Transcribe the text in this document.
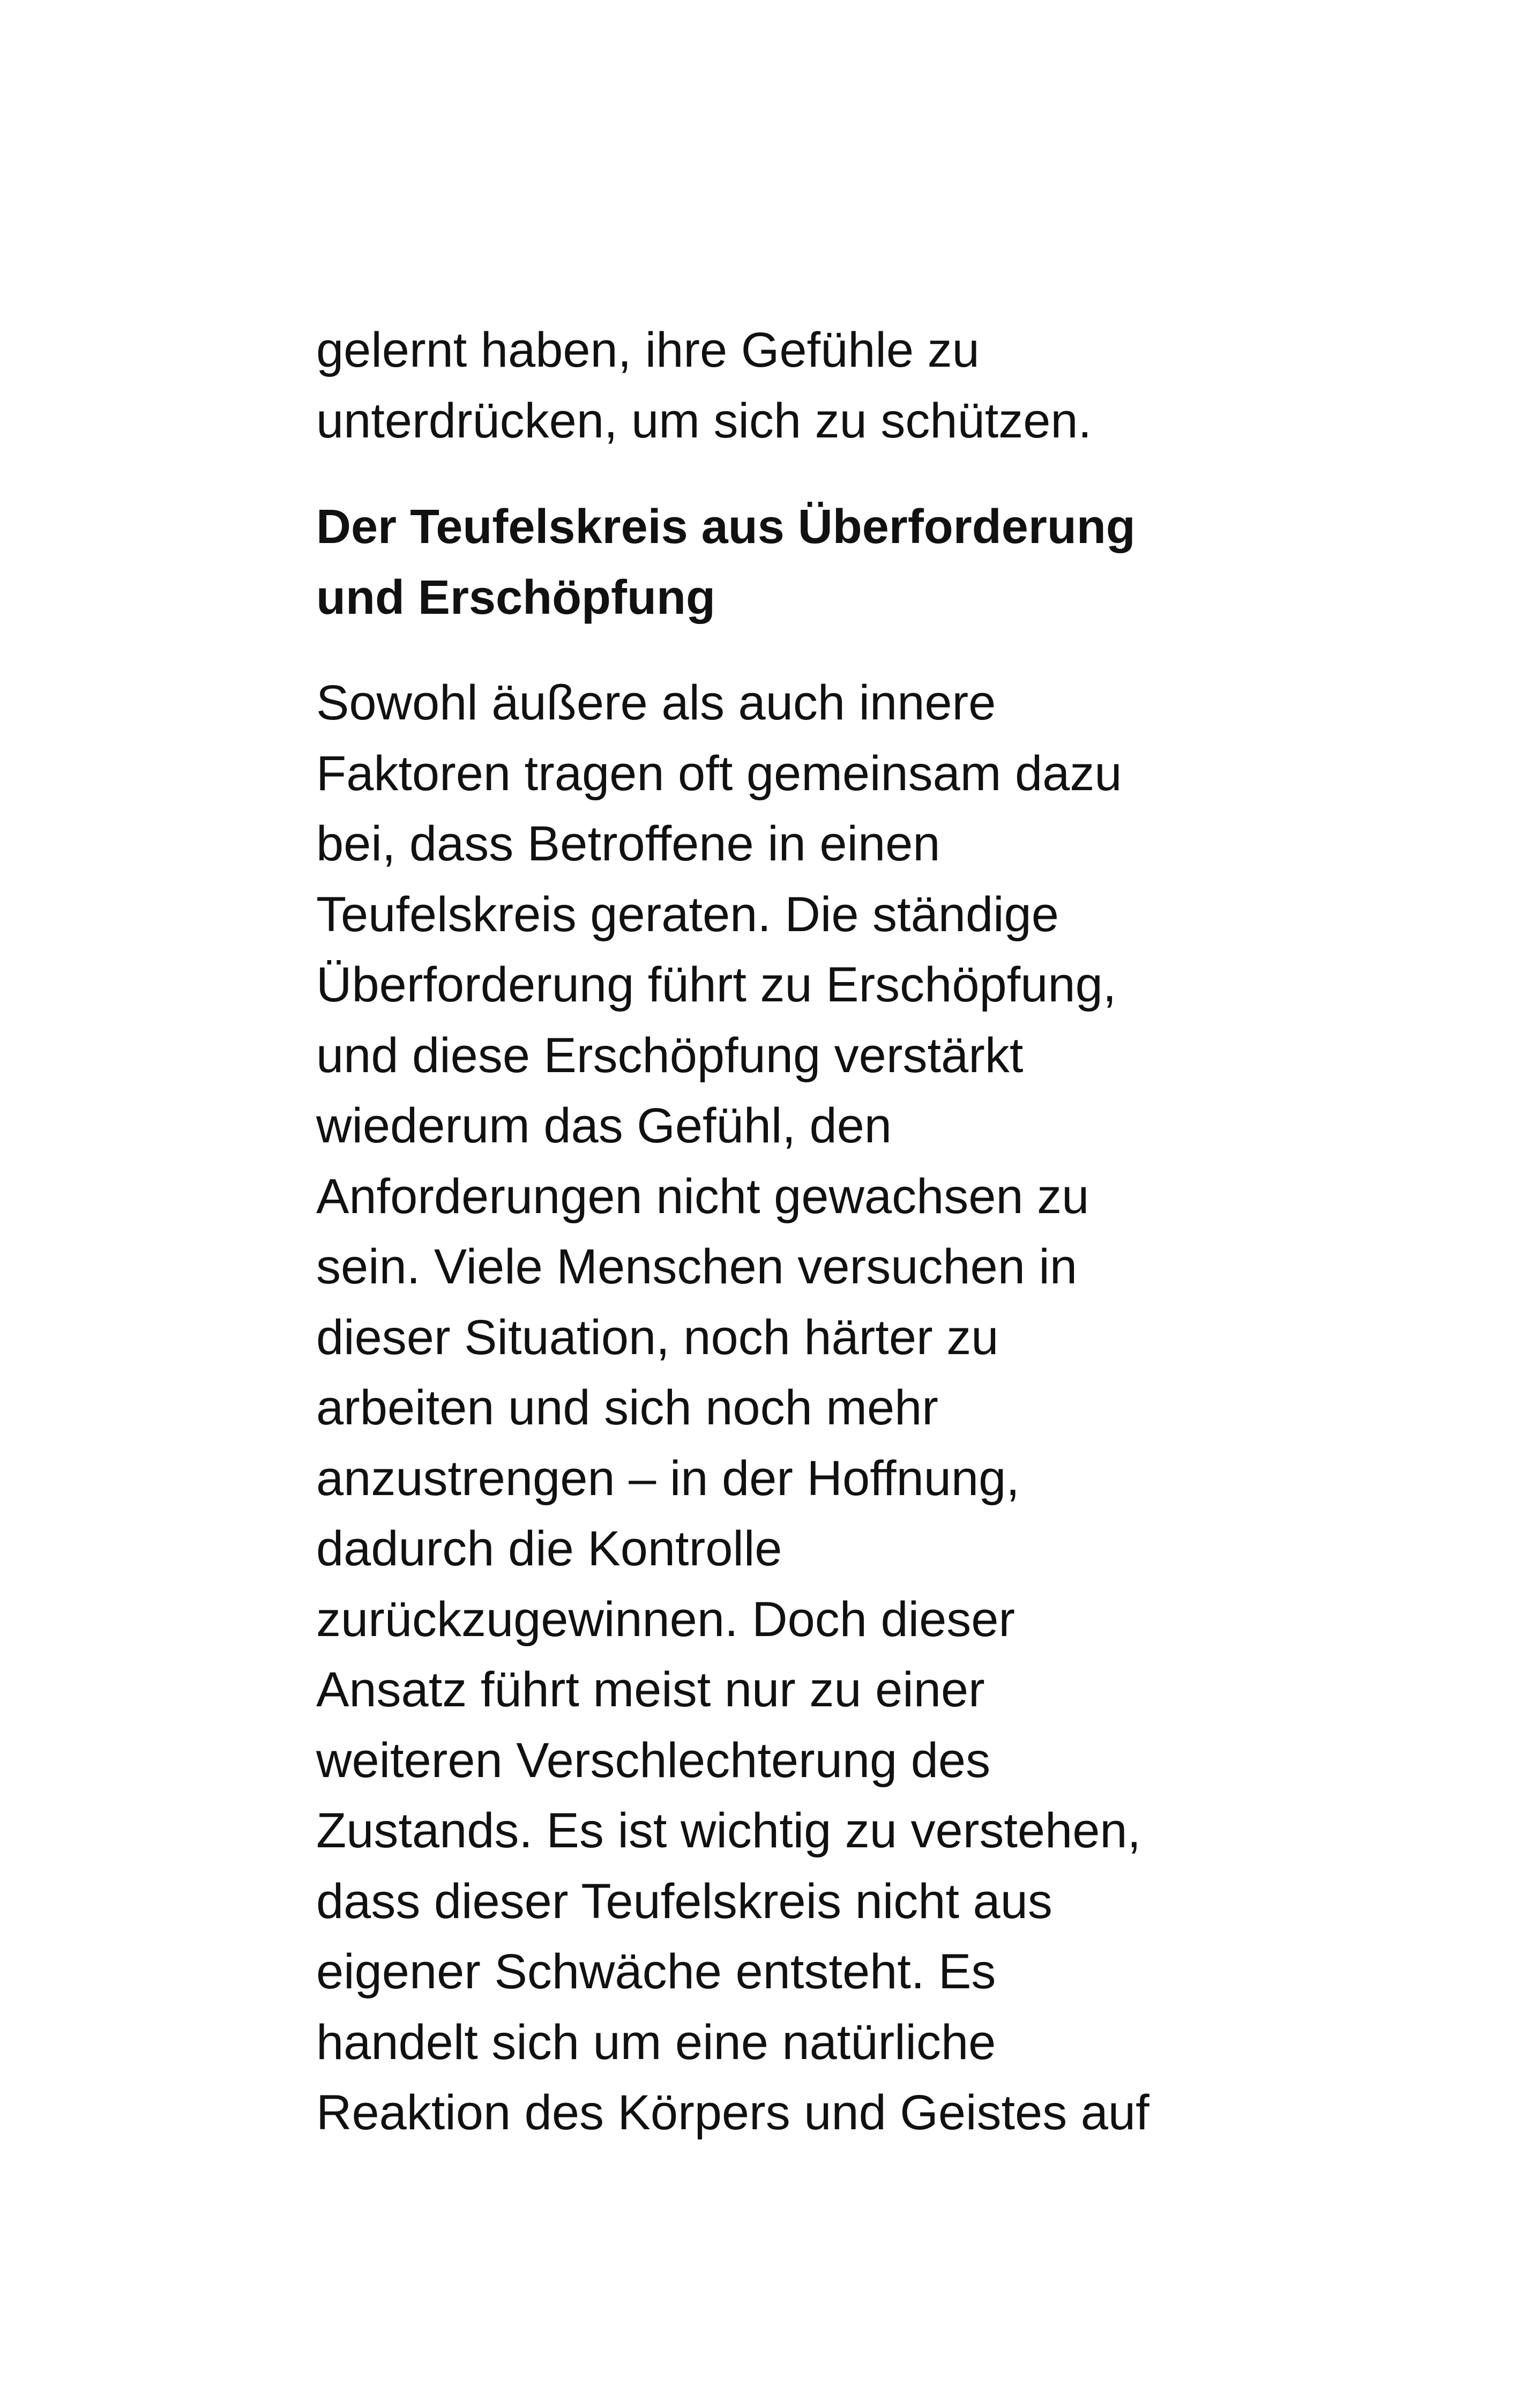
gelernt haben, ihre Gefühle zu
unterdrücken, um sich zu schützen.
Der Teufelskreis aus Überforderung
und Erschöpfung
Sowohl äußere als auch innere
Faktoren tragen oft gemeinsam dazu
bei, dass Betroffene in einen
Teufelskreis geraten. Die ständige
Überforderung führt zu Erschöpfung,
und diese Erschöpfung verstärkt
wiederum das Gefühl, den
Anforderungen nicht gewachsen zu
sein. Viele Menschen versuchen in
dieser Situation, noch härter zu
arbeiten und sich noch mehr
anzustrengen – in der Hoffnung,
dadurch die Kontrolle
zurückzugewinnen. Doch dieser
Ansatz führt meist nur zu einer
weiteren Verschlechterung des
Zustands. Es ist wichtig zu verstehen,
dass dieser Teufelskreis nicht aus
eigener Schwäche entsteht. Es
handelt sich um eine natürliche
Reaktion des Körpers und Geistes auf
